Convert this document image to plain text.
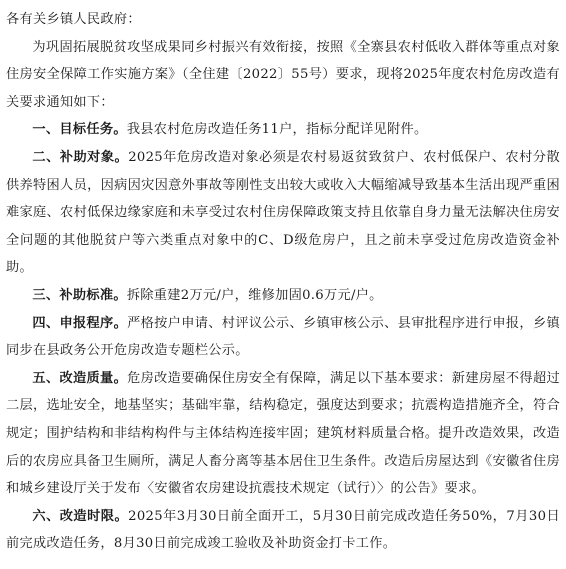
各有关乡镇人民政府：

为巩固拓展脱贫攻坚成果同乡村振兴有效衔接，按照《全寨县农村低收入群体等重点对象住房安全保障工作实施方案》（全住建〔2022〕55号）要求，现将2025年度农村危房改造有关要求通知如下：

一、目标任务。我县农村危房改造任务11户，指标分配详见附件。

二、补助对象。2025年危房改造对象必须是农村易返贫致贫户、农村低保户、农村分散供养特困人员，因病因灾因意外事故等刚性支出较大或收入大幅缩减导致基本生活出现严重困难家庭、农村低保边缘家庭和未享受过农村住房保障政策支持且依靠自身力量无法解决住房安全问题的其他脱贫户等六类重点对象中的C、D级危房户，且之前未享受过危房改造资金补助。

三、补助标准。拆除重建2万元/户，维修加固0.6万元/户。

四、申报程序。严格按户申请、村评议公示、乡镇审核公示、县审批程序进行申报，乡镇同步在县政务公开危房改造专题栏公示。

五、改造质量。危房改造要确保住房安全有保障，满足以下基本要求：新建房屋不得超过二层，选址安全，地基坚实；基础牢靠，结构稳定，强度达到要求；抗震构造措施齐全，符合规定；围护结构和非结构构件与主体结构连接牢固；建筑材料质量合格。提升改造效果，改造后的农房应具备卫生厕所，满足人畜分离等基本居住卫生条件。改造后房屋达到《安徽省住房和城乡建设厅关于发布〈安徽省农房建设抗震技术规定（试行）〉的公告》要求。

六、改造时限。2025年3月30日前全面开工，5月30日前完成改造任务50%，7月30日前完成改造任务，8月30日前完成竣工验收及补助资金打卡工作。
